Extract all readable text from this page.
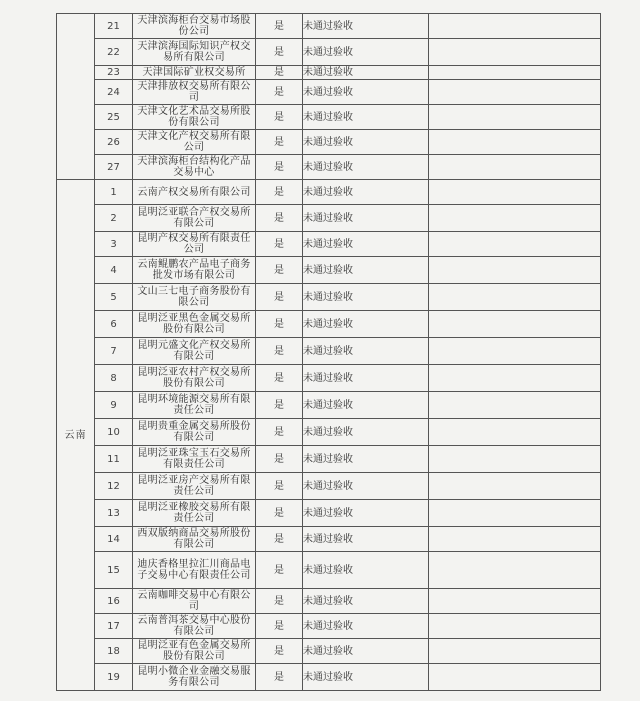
	21	天津滨海柜台交易市场股份公司	是	未通过验收	
	22	天津滨海国际知识产权交易所有限公司	是	未通过验收	
	23	天津国际矿业权交易所	是	未通过验收	
	24	天津排放权交易所有限公司	是	未通过验收	
	25	天津文化艺术品交易所股份有限公司	是	未通过验收	
	26	天津文化产权交易所有限公司	是	未通过验收	
	27	天津滨海柜台结构化产品交易中心	是	未通过验收	
云南	1	云南产权交易所有限公司	是	未通过验收	
	2	昆明泛亚联合产权交易所有限公司	是	未通过验收	
	3	昆明产权交易所有限责任公司	是	未通过验收	
	4	云南鲲鹏农产品电子商务批发市场有限公司	是	未通过验收	
	5	文山三七电子商务股份有限公司	是	未通过验收	
	6	昆明泛亚黑色金属交易所股份有限公司	是	未通过验收	
	7	昆明元盛文化产权交易所有限公司	是	未通过验收	
	8	昆明泛亚农村产权交易所股份有限公司	是	未通过验收	
	9	昆明环境能源交易所有限责任公司	是	未通过验收	
	10	昆明贵重金属交易所股份有限公司	是	未通过验收	
	11	昆明泛亚珠宝玉石交易所有限责任公司	是	未通过验收	
	12	昆明泛亚房产交易所有限责任公司	是	未通过验收	
	13	昆明泛亚橡胶交易所有限责任公司	是	未通过验收	
	14	西双版纳商品交易所股份有限公司	是	未通过验收	
	15	迪庆香格里拉汇川商品电子交易中心有限责任公司	是	未通过验收	
	16	云南咖啡交易中心有限公司	是	未通过验收	
	17	云南普洱茶交易中心股份有限公司	是	未通过验收	
	18	昆明泛亚有色金属交易所股份有限公司	是	未通过验收	
	19	昆明小微企业金融交易服务有限公司	是	未通过验收	
